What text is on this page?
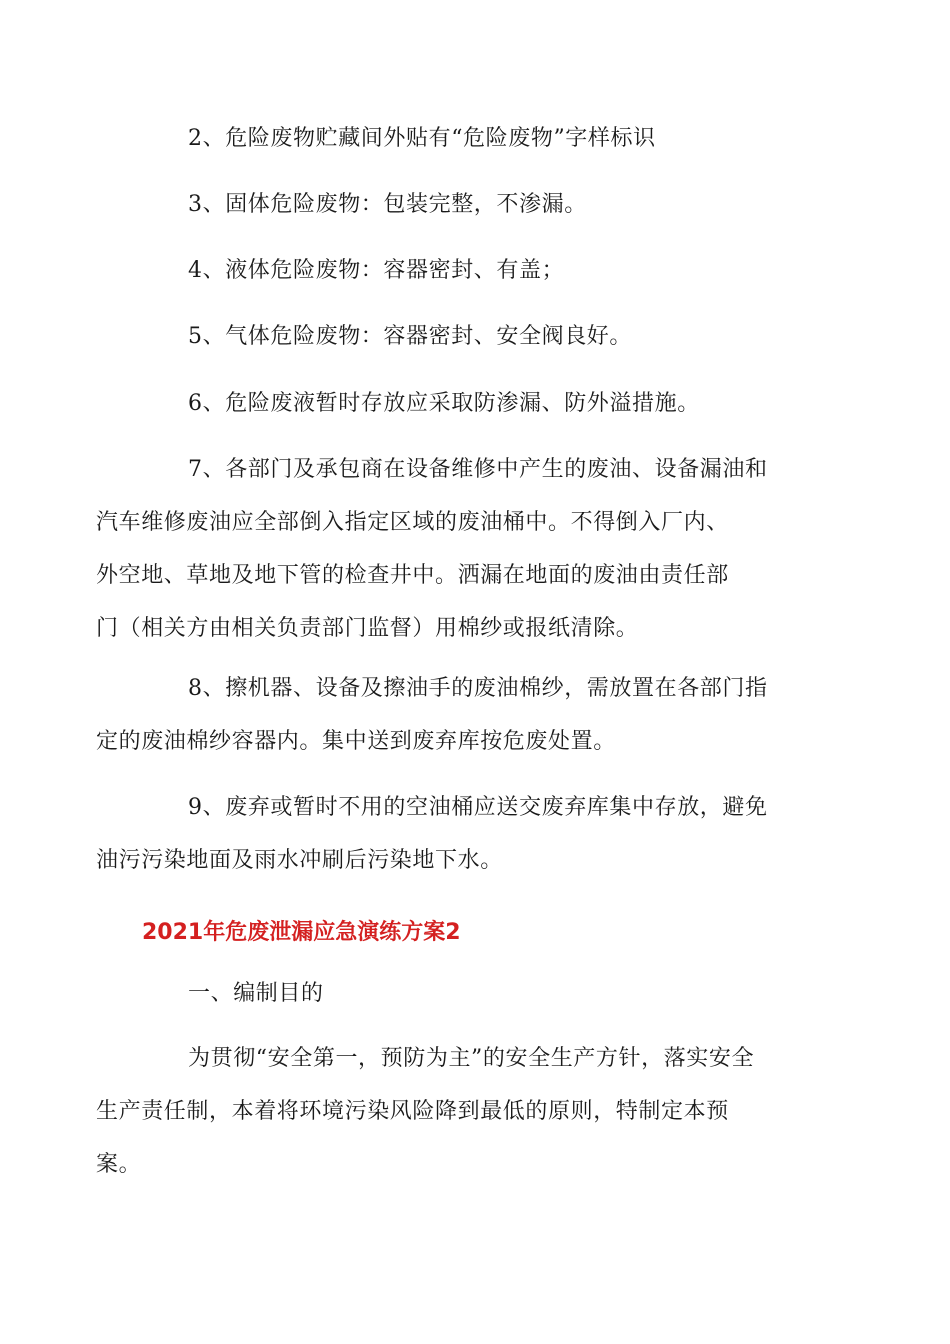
2、危险废物贮藏间外贴有“危险废物”字样标识

3、固体危险废物：包装完整，不渗漏。

4、液体危险废物：容器密封、有盖；

5、气体危险废物：容器密封、安全阀良好。

6、危险废液暂时存放应采取防渗漏、防外溢措施。

7、各部门及承包商在设备维修中产生的废油、设备漏油和
汽车维修废油应全部倒入指定区域的废油桶中。不得倒入厂内、
外空地、草地及地下管的检查井中。洒漏在地面的废油由责任部
门（相关方由相关负责部门监督）用棉纱或报纸清除。

8、擦机器、设备及擦油手的废油棉纱，需放置在各部门指
定的废油棉纱容器内。集中送到废弃库按危废处置。

9、废弃或暂时不用的空油桶应送交废弃库集中存放，避免
油污污染地面及雨水冲刷后污染地下水。

2021年危废泄漏应急演练方案2

一、编制目的

为贯彻“安全第一，预防为主”的安全生产方针，落实安全
生产责任制，本着将环境污染风险降到最低的原则，特制定本预
案。
